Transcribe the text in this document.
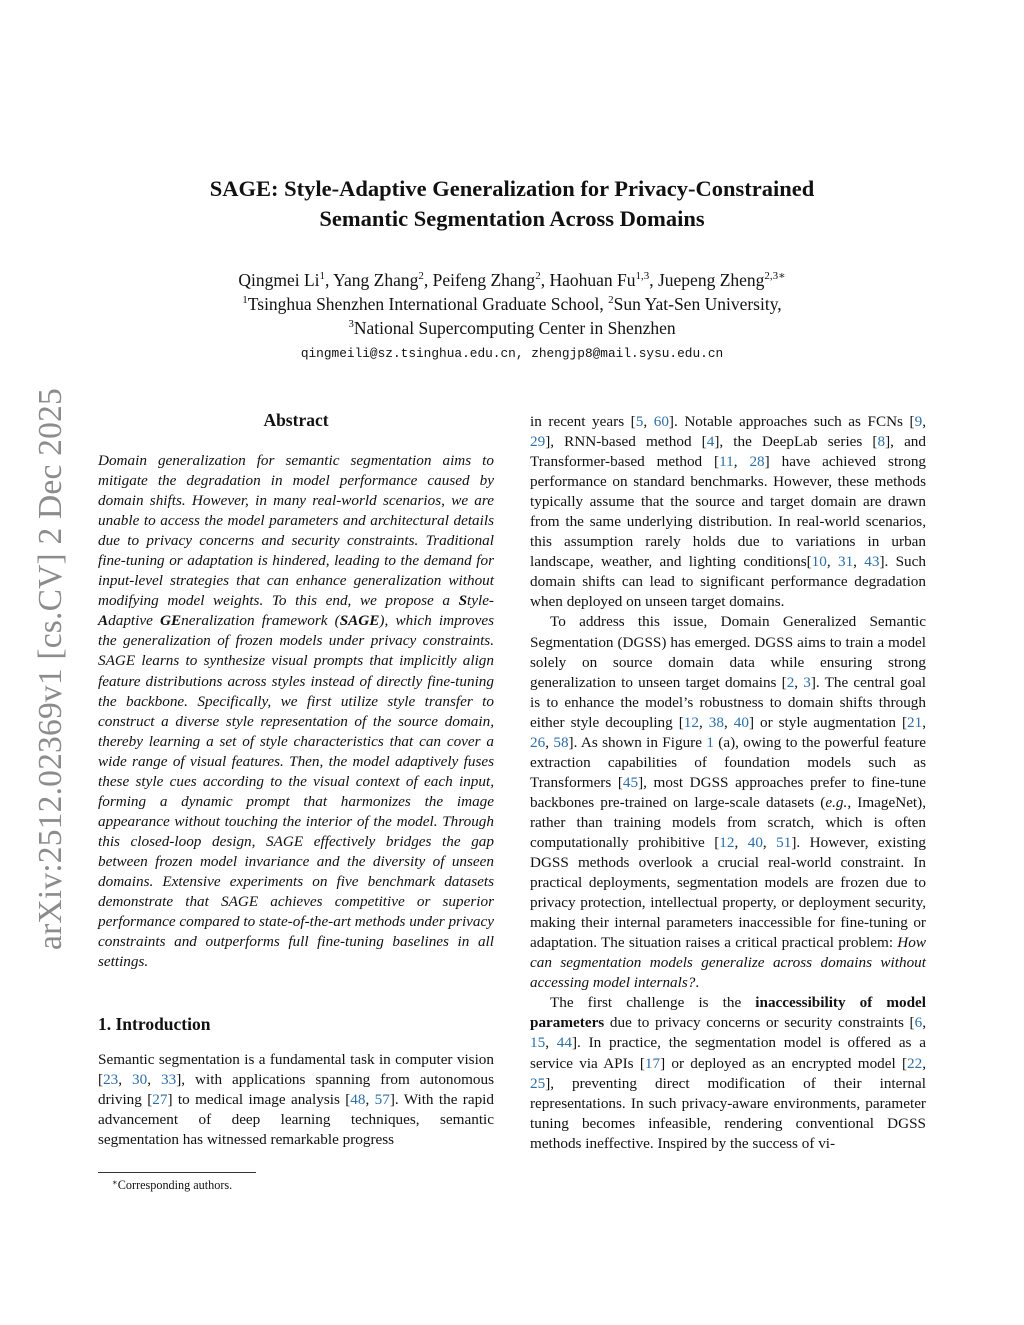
arXiv:2512.02369v1 [cs.CV] 2 Dec 2025
SAGE: Style-Adaptive Generalization for Privacy-Constrained
Semantic Segmentation Across Domains
Qingmei Li$^1$, Yang Zhang$^2$, Peifeng Zhang$^2$, Haohuan Fu$^{1,3}$, Juepeng Zheng$^{2,3∗}$
$^1$Tsinghua Shenzhen International Graduate School, $^2$Sun Yat-Sen University,
$^3$National Supercomputing Center in Shenzhen
qingmeili@sz.tsinghua.edu.cn, zhengjp8@mail.sysu.edu.cn
Abstract

Domain generalization for semantic segmentation aims to mitigate the degradation in model performance caused by domain shifts. However, in many real-world scenarios, we are unable to access the model parameters and architectural details due to privacy concerns and security constraints. Traditional fine-tuning or adaptation is hindered, leading to the demand for input-level strategies that can enhance generalization without modifying model weights. To this end, we propose a Style-Adaptive GEneralization framework (SAGE), which improves the generalization of frozen models under privacy constraints. SAGE learns to synthesize visual prompts that implicitly align feature distributions across styles instead of directly fine-tuning the backbone. Specifically, we first utilize style transfer to construct a diverse style representation of the source domain, thereby learning a set of style characteristics that can cover a wide range of visual features. Then, the model adaptively fuses these style cues according to the visual context of each input, forming a dynamic prompt that harmonizes the image appearance without touching the interior of the model. Through this closed-loop design, SAGE effectively bridges the gap between frozen model invariance and the diversity of unseen domains. Extensive experiments on five benchmark datasets demonstrate that SAGE achieves competitive or superior performance compared to state-of-the-art methods under privacy constraints and outperforms full fine-tuning baselines in all settings.

1. Introduction

Semantic segmentation is a fundamental task in computer vision [23, 30, 33], with applications spanning from autonomous driving [27] to medical image analysis [48, 57]. With the rapid advancement of deep learning techniques, semantic segmentation has witnessed remarkable progress

∗Corresponding authors.

in recent years [5, 60]. Notable approaches such as FCNs [9, 29], RNN-based method [4], the DeepLab series [8], and Transformer-based method [11, 28] have achieved strong performance on standard benchmarks. However, these methods typically assume that the source and target domain are drawn from the same underlying distribution. In real-world scenarios, this assumption rarely holds due to variations in urban landscape, weather, and lighting conditions[10, 31, 43]. Such domain shifts can lead to significant performance degradation when deployed on unseen target domains.

To address this issue, Domain Generalized Semantic Segmentation (DGSS) has emerged. DGSS aims to train a model solely on source domain data while ensuring strong generalization to unseen target domains [2, 3]. The central goal is to enhance the model’s robustness to domain shifts through either style decoupling [12, 38, 40] or style augmentation [21, 26, 58]. As shown in Figure 1 (a), owing to the powerful feature extraction capabilities of foundation models such as Transformers [45], most DGSS approaches prefer to fine-tune backbones pre-trained on large-scale datasets (e.g., ImageNet), rather than training models from scratch, which is often computationally prohibitive [12, 40, 51]. However, existing DGSS methods overlook a crucial real-world constraint. In practical deployments, segmentation models are frozen due to privacy protection, intellectual property, or deployment security, making their internal parameters inaccessible for fine-tuning or adaptation. The situation raises a critical practical problem: How can segmentation models generalize across domains without accessing model internals?.

The first challenge is the inaccessibility of model parameters due to privacy concerns or security constraints [6, 15, 44]. In practice, the segmentation model is offered as a service via APIs [17] or deployed as an encrypted model [22, 25], preventing direct modification of their internal representations. In such privacy-aware environments, parameter tuning becomes infeasible, rendering conventional DGSS methods ineffective. Inspired by the success of vi-
